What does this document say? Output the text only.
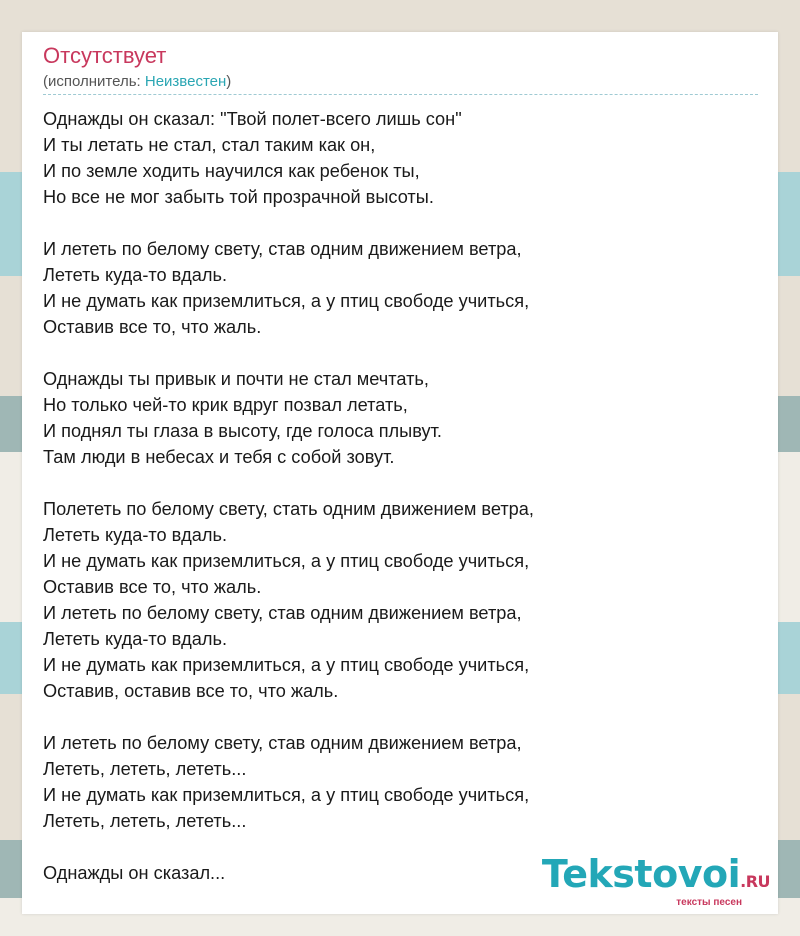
Отсутствует
(исполнитель: Неизвестен)
Однажды он сказал: "Твой полет-всего лишь сон"
И ты летать не стал, стал таким как он,
И по земле ходить научился как ребенок ты,
Но все не мог забыть той прозрачной высоты.
И лететь по белому свету, став одним движением ветра,
Лететь куда-то вдаль.
И не думать как приземлиться, а у птиц свободе учиться,
Оставив все то, что жаль.
Однажды ты привык и почти не стал мечтать,
Но только чей-то крик вдруг позвал летать,
И поднял ты глаза в высоту, где голоса плывут.
Там люди в небесах и тебя с собой зовут.
Полететь по белому свету, стать одним движением ветра,
Лететь куда-то вдаль.
И не думать как приземлиться, а у птиц свободе учиться,
Оставив все то, что жаль.
И лететь по белому свету, став одним движением ветра,
Лететь куда-то вдаль.
И не думать как приземлиться, а у птиц свободе учиться,
Оставив, оставив все то, что жаль.
И лететь по белому свету, став одним движением ветра,
Лететь, лететь, лететь...
И не думать как приземлиться, а у птиц свободе учиться,
Лететь, лететь, лететь...
Однажды он сказал...	Tekstovoi.RU
тексты песен
